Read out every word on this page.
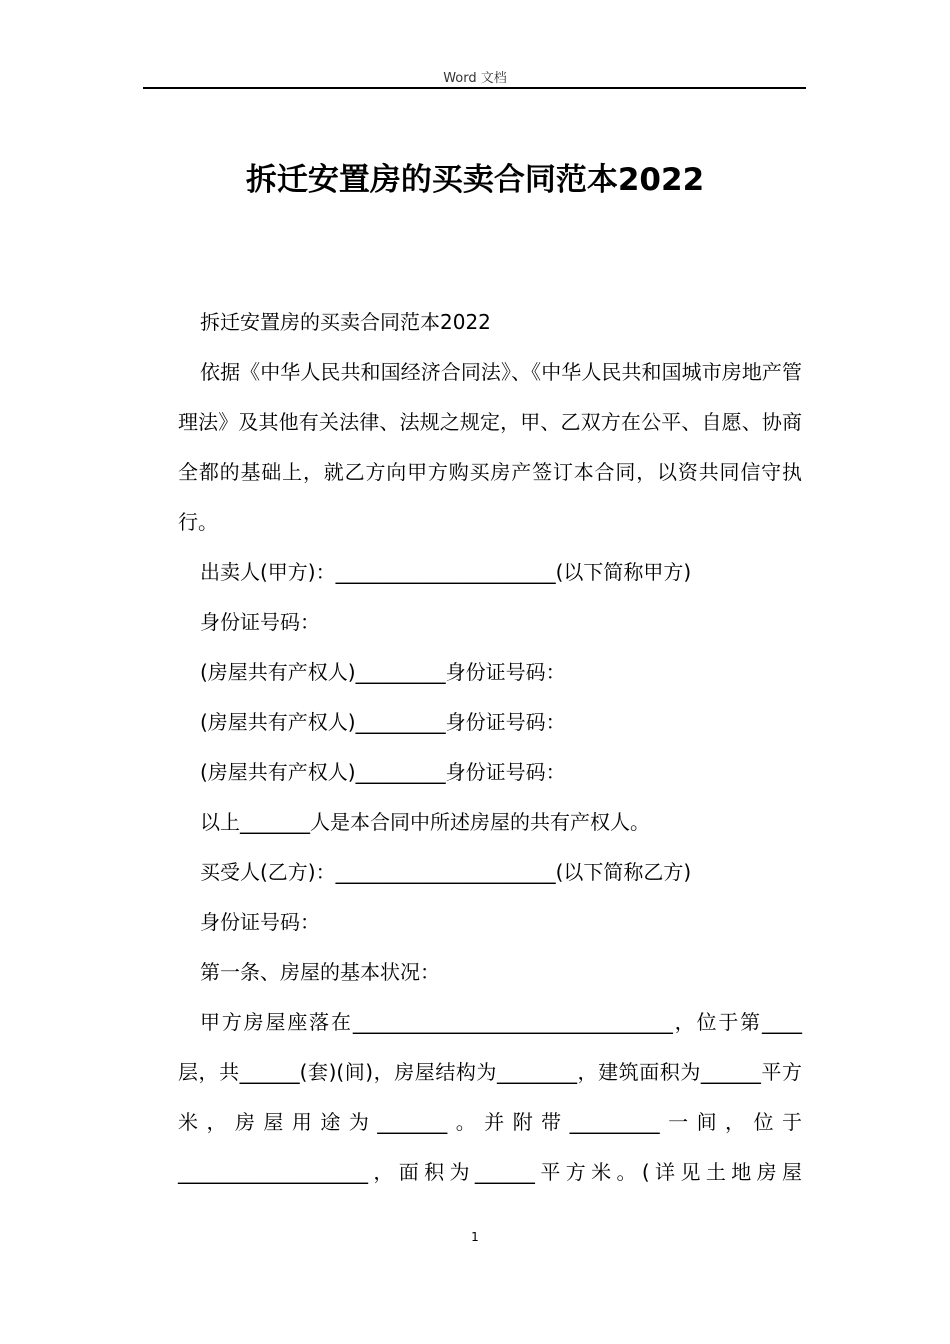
Word 文档
拆迁安置房的买卖合同范本2022

拆迁安置房的买卖合同范本2022

依据《中华人民共和国经济合同法》、《中华人民共和国城市房地产管理法》及其他有关法律、法规之规定，甲、乙双方在公平、自愿、协商全都的基础上，就乙方向甲方购买房产签订本合同，以资共同信守执行。

出卖人(甲方)：______________________(以下简称甲方)

身份证号码：

(房屋共有产权人)_________身份证号码：

(房屋共有产权人)_________身份证号码：

(房屋共有产权人)_________身份证号码：

以上_______人是本合同中所述房屋的共有产权人。

买受人(乙方)：______________________(以下简称乙方)

身份证号码：

第一条、房屋的基本状况：

甲方房屋座落在________________________________，位于第____层，共______(套)(间)，房屋结构为________，建筑面积为______平方米，房屋用途为_______。并附带_________一间，位于___________________，面积为______平方米。(详见土地房屋

1
